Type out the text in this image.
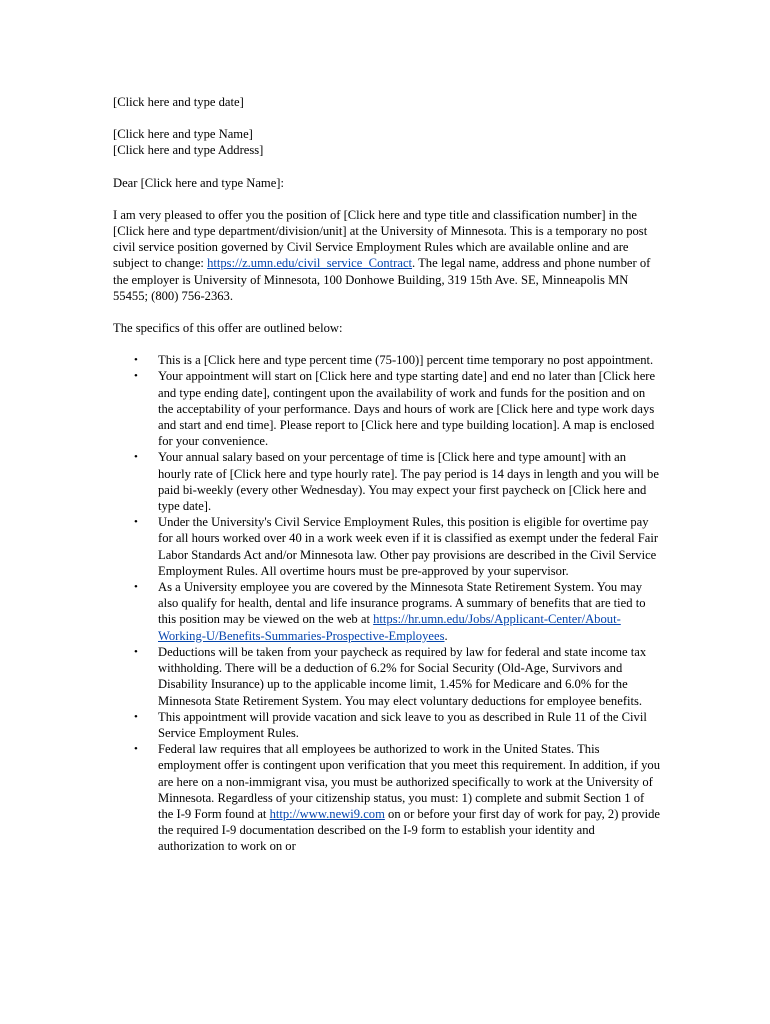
[Click here and type date]

[Click here and type Name]
[Click here and type Address]

Dear [Click here and type Name]:

I am very pleased to offer you the position of [Click here and type title and classification number] in the [Click here and type department/division/unit] at the University of Minnesota. This is a temporary no post civil service position governed by Civil Service Employment Rules which are available online and are subject to change: https://z.umn.edu/civil_service_Contract. The legal name, address and phone number of the employer is University of Minnesota, 100 Donhowe Building, 319 15th Ave. SE, Minneapolis MN 55455; (800) 756-2363.

The specifics of this offer are outlined below:

• This is a [Click here and type percent time (75-100)] percent time temporary no post appointment.
• Your appointment will start on [Click here and type starting date] and end no later than [Click here and type ending date], contingent upon the availability of work and funds for the position and on the acceptability of your performance. Days and hours of work are [Click here and type work days and start and end time]. Please report to [Click here and type building location]. A map is enclosed for your convenience.
• Your annual salary based on your percentage of time is [Click here and type amount] with an hourly rate of [Click here and type hourly rate]. The pay period is 14 days in length and you will be paid bi-weekly (every other Wednesday). You may expect your first paycheck on [Click here and type date].
• Under the University's Civil Service Employment Rules, this position is eligible for overtime pay for all hours worked over 40 in a work week even if it is classified as exempt under the federal Fair Labor Standards Act and/or Minnesota law. Other pay provisions are described in the Civil Service Employment Rules. All overtime hours must be pre-approved by your supervisor.
• As a University employee you are covered by the Minnesota State Retirement System. You may also qualify for health, dental and life insurance programs. A summary of benefits that are tied to this position may be viewed on the web at https://hr.umn.edu/Jobs/Applicant-Center/About-Working-U/Benefits-Summaries-Prospective-Employees.
• Deductions will be taken from your paycheck as required by law for federal and state income tax withholding. There will be a deduction of 6.2% for Social Security (Old-Age, Survivors and Disability Insurance) up to the applicable income limit, 1.45% for Medicare and 6.0% for the Minnesota State Retirement System. You may elect voluntary deductions for employee benefits.
• This appointment will provide vacation and sick leave to you as described in Rule 11 of the Civil Service Employment Rules.
• Federal law requires that all employees be authorized to work in the United States. This employment offer is contingent upon verification that you meet this requirement. In addition, if you are here on a non-immigrant visa, you must be authorized specifically to work at the University of Minnesota. Regardless of your citizenship status, you must: 1) complete and submit Section 1 of the I-9 Form found at http://www.newi9.com on or before your first day of work for pay, 2) provide the required I-9 documentation described on the I-9 form to establish your identity and authorization to work on or
